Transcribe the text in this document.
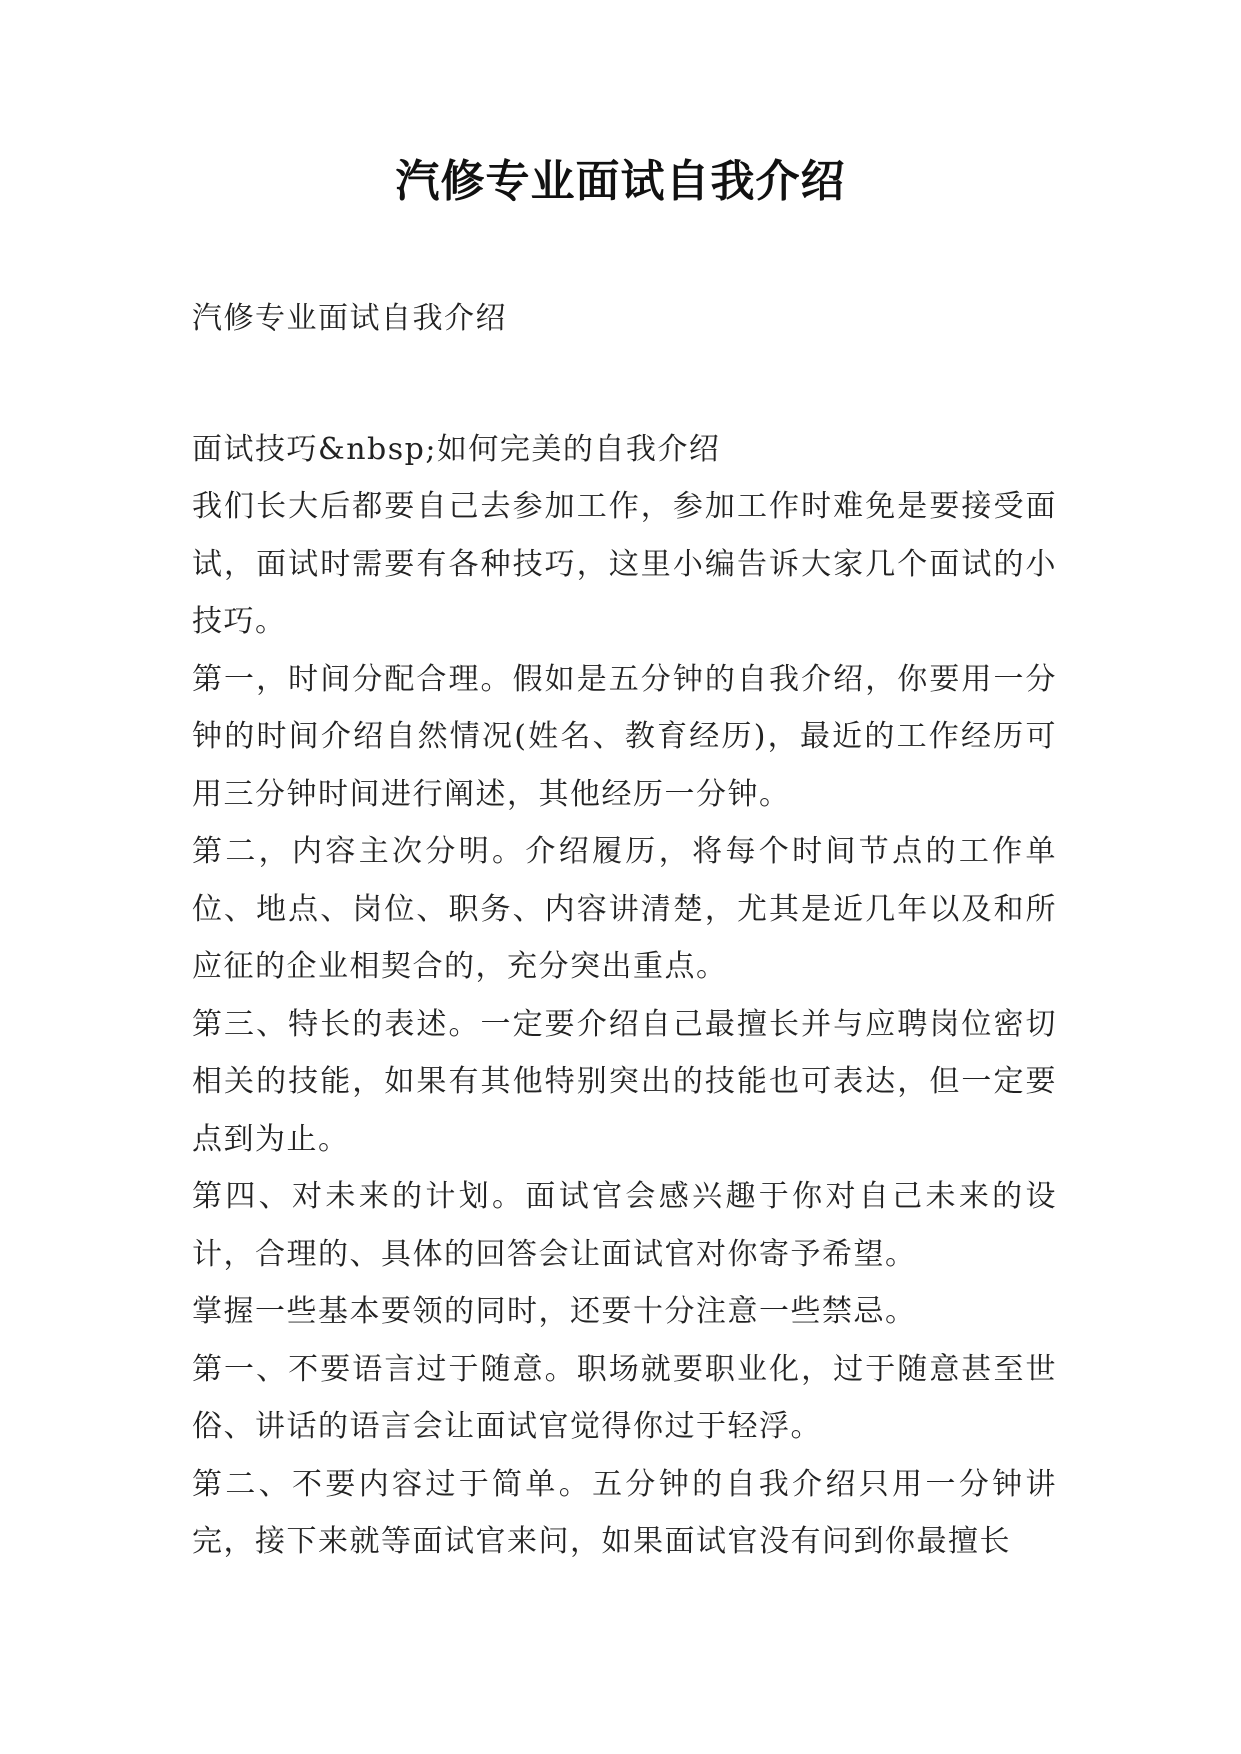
汽修专业面试自我介绍

汽修专业面试自我介绍

面试技巧&nbsp;如何完美的自我介绍

我们长大后都要自己去参加工作，参加工作时难免是要接受面试，面试时需要有各种技巧，这里小编告诉大家几个面试的小技巧。

第一，时间分配合理。假如是五分钟的自我介绍，你要用一分钟的时间介绍自然情况(姓名、教育经历)，最近的工作经历可用三分钟时间进行阐述，其他经历一分钟。

第二，内容主次分明。介绍履历，将每个时间节点的工作单位、地点、岗位、职务、内容讲清楚，尤其是近几年以及和所应征的企业相契合的，充分突出重点。

第三、特长的表述。一定要介绍自己最擅长并与应聘岗位密切相关的技能，如果有其他特别突出的技能也可表达，但一定要点到为止。

第四、对未来的计划。面试官会感兴趣于你对自己未来的设计，合理的、具体的回答会让面试官对你寄予希望。

掌握一些基本要领的同时，还要十分注意一些禁忌。

第一、不要语言过于随意。职场就要职业化，过于随意甚至世俗、讲话的语言会让面试官觉得你过于轻浮。

第二、不要内容过于简单。五分钟的自我介绍只用一分钟讲完，接下来就等面试官来问，如果面试官没有问到你最擅长
